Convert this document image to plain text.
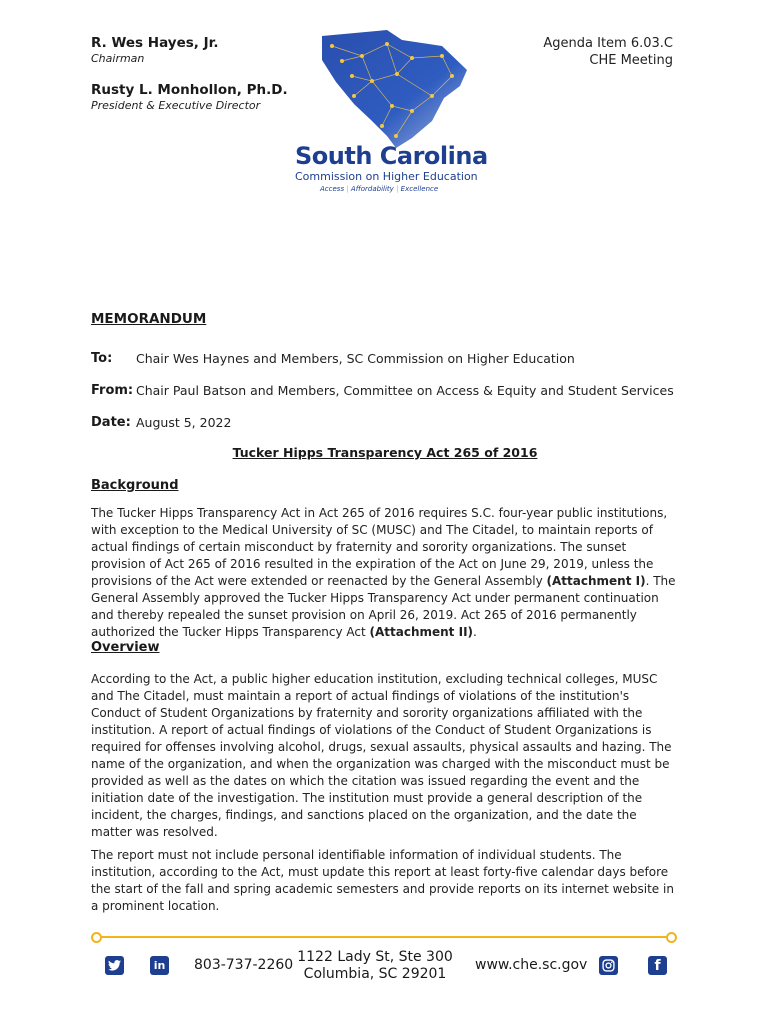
R. Wes Hayes, Jr.
Chairman
Rusty L. Monhollon, Ph.D.
President & Executive Director
Agenda Item 6.03.C
CHE Meeting
South Carolina
Commission on Higher Education
Access | Affordability | Excellence
MEMORANDUM
To: Chair Wes Haynes and Members, SC Commission on Higher Education
From: Chair Paul Batson and Members, Committee on Access & Equity and Student Services
Date: August 5, 2022
Tucker Hipps Transparency Act 265 of 2016
Background
The Tucker Hipps Transparency Act in Act 265 of 2016 requires S.C. four-year public institutions, with exception to the Medical University of SC (MUSC) and The Citadel, to maintain reports of actual findings of certain misconduct by fraternity and sorority organizations. The sunset provision of Act 265 of 2016 resulted in the expiration of the Act on June 29, 2019, unless the provisions of the Act were extended or reenacted by the General Assembly (Attachment I). The General Assembly approved the Tucker Hipps Transparency Act under permanent continuation and thereby repealed the sunset provision on April 26, 2019. Act 265 of 2016 permanently authorized the Tucker Hipps Transparency Act (Attachment II).
Overview
According to the Act, a public higher education institution, excluding technical colleges, MUSC and The Citadel, must maintain a report of actual findings of violations of the institution's Conduct of Student Organizations by fraternity and sorority organizations affiliated with the institution. A report of actual findings of violations of the Conduct of Student Organizations is required for offenses involving alcohol, drugs, sexual assaults, physical assaults and hazing. The name of the organization, and when the organization was charged with the misconduct must be provided as well as the dates on which the citation was issued regarding the event and the initiation date of the investigation. The institution must provide a general description of the incident, the charges, findings, and sanctions placed on the organization, and the date the matter was resolved.
The report must not include personal identifiable information of individual students. The institution, according to the Act, must update this report at least forty-five calendar days before the start of the fall and spring academic semesters and provide reports on its internet website in a prominent location.
in 803-737-2260 1122 Lady St, Ste 300
Columbia, SC 29201
www.che.sc.gov	f
